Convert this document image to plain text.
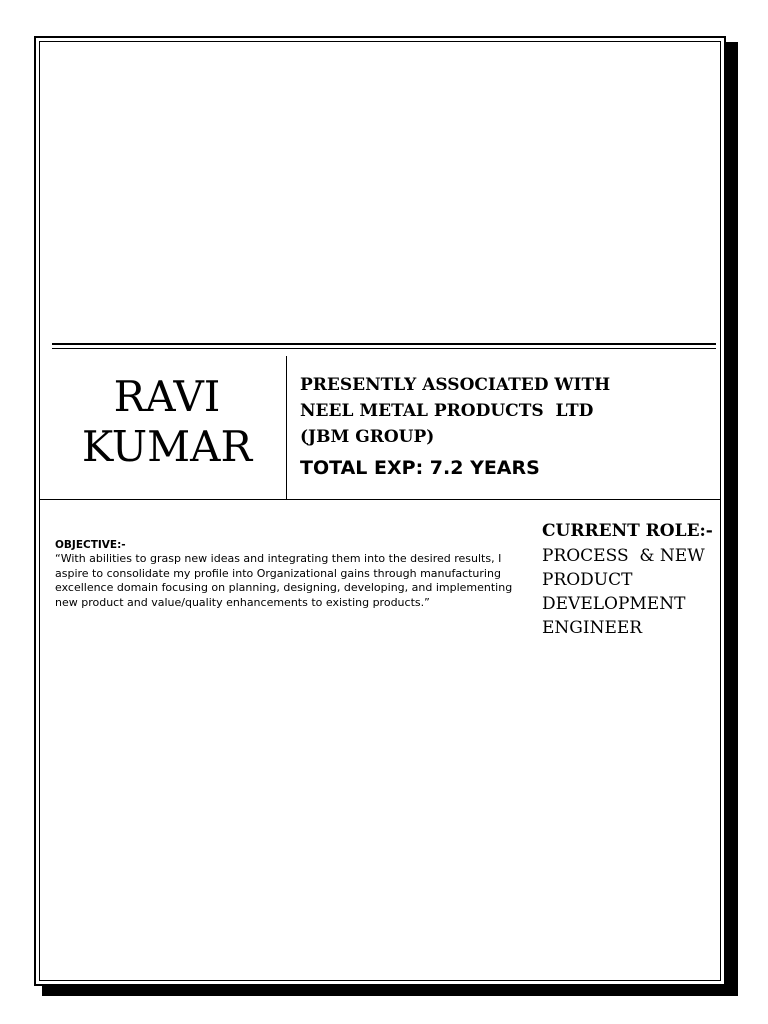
RAVI
KUMAR
PRESENTLY ASSOCIATED WITH
NEEL METAL PRODUCTS  LTD
(JBM GROUP)
TOTAL EXP: 7.2 YEARS
OBJECTIVE:-
“With abilities to grasp new ideas and integrating them into the desired results, I aspire to consolidate my profile into Organizational gains through manufacturing excellence domain focusing on planning, designing, developing, and implementing new product and value/quality enhancements to existing products.”
CURRENT ROLE:-
PROCESS  & NEW
PRODUCT
DEVELOPMENT
ENGINEER
